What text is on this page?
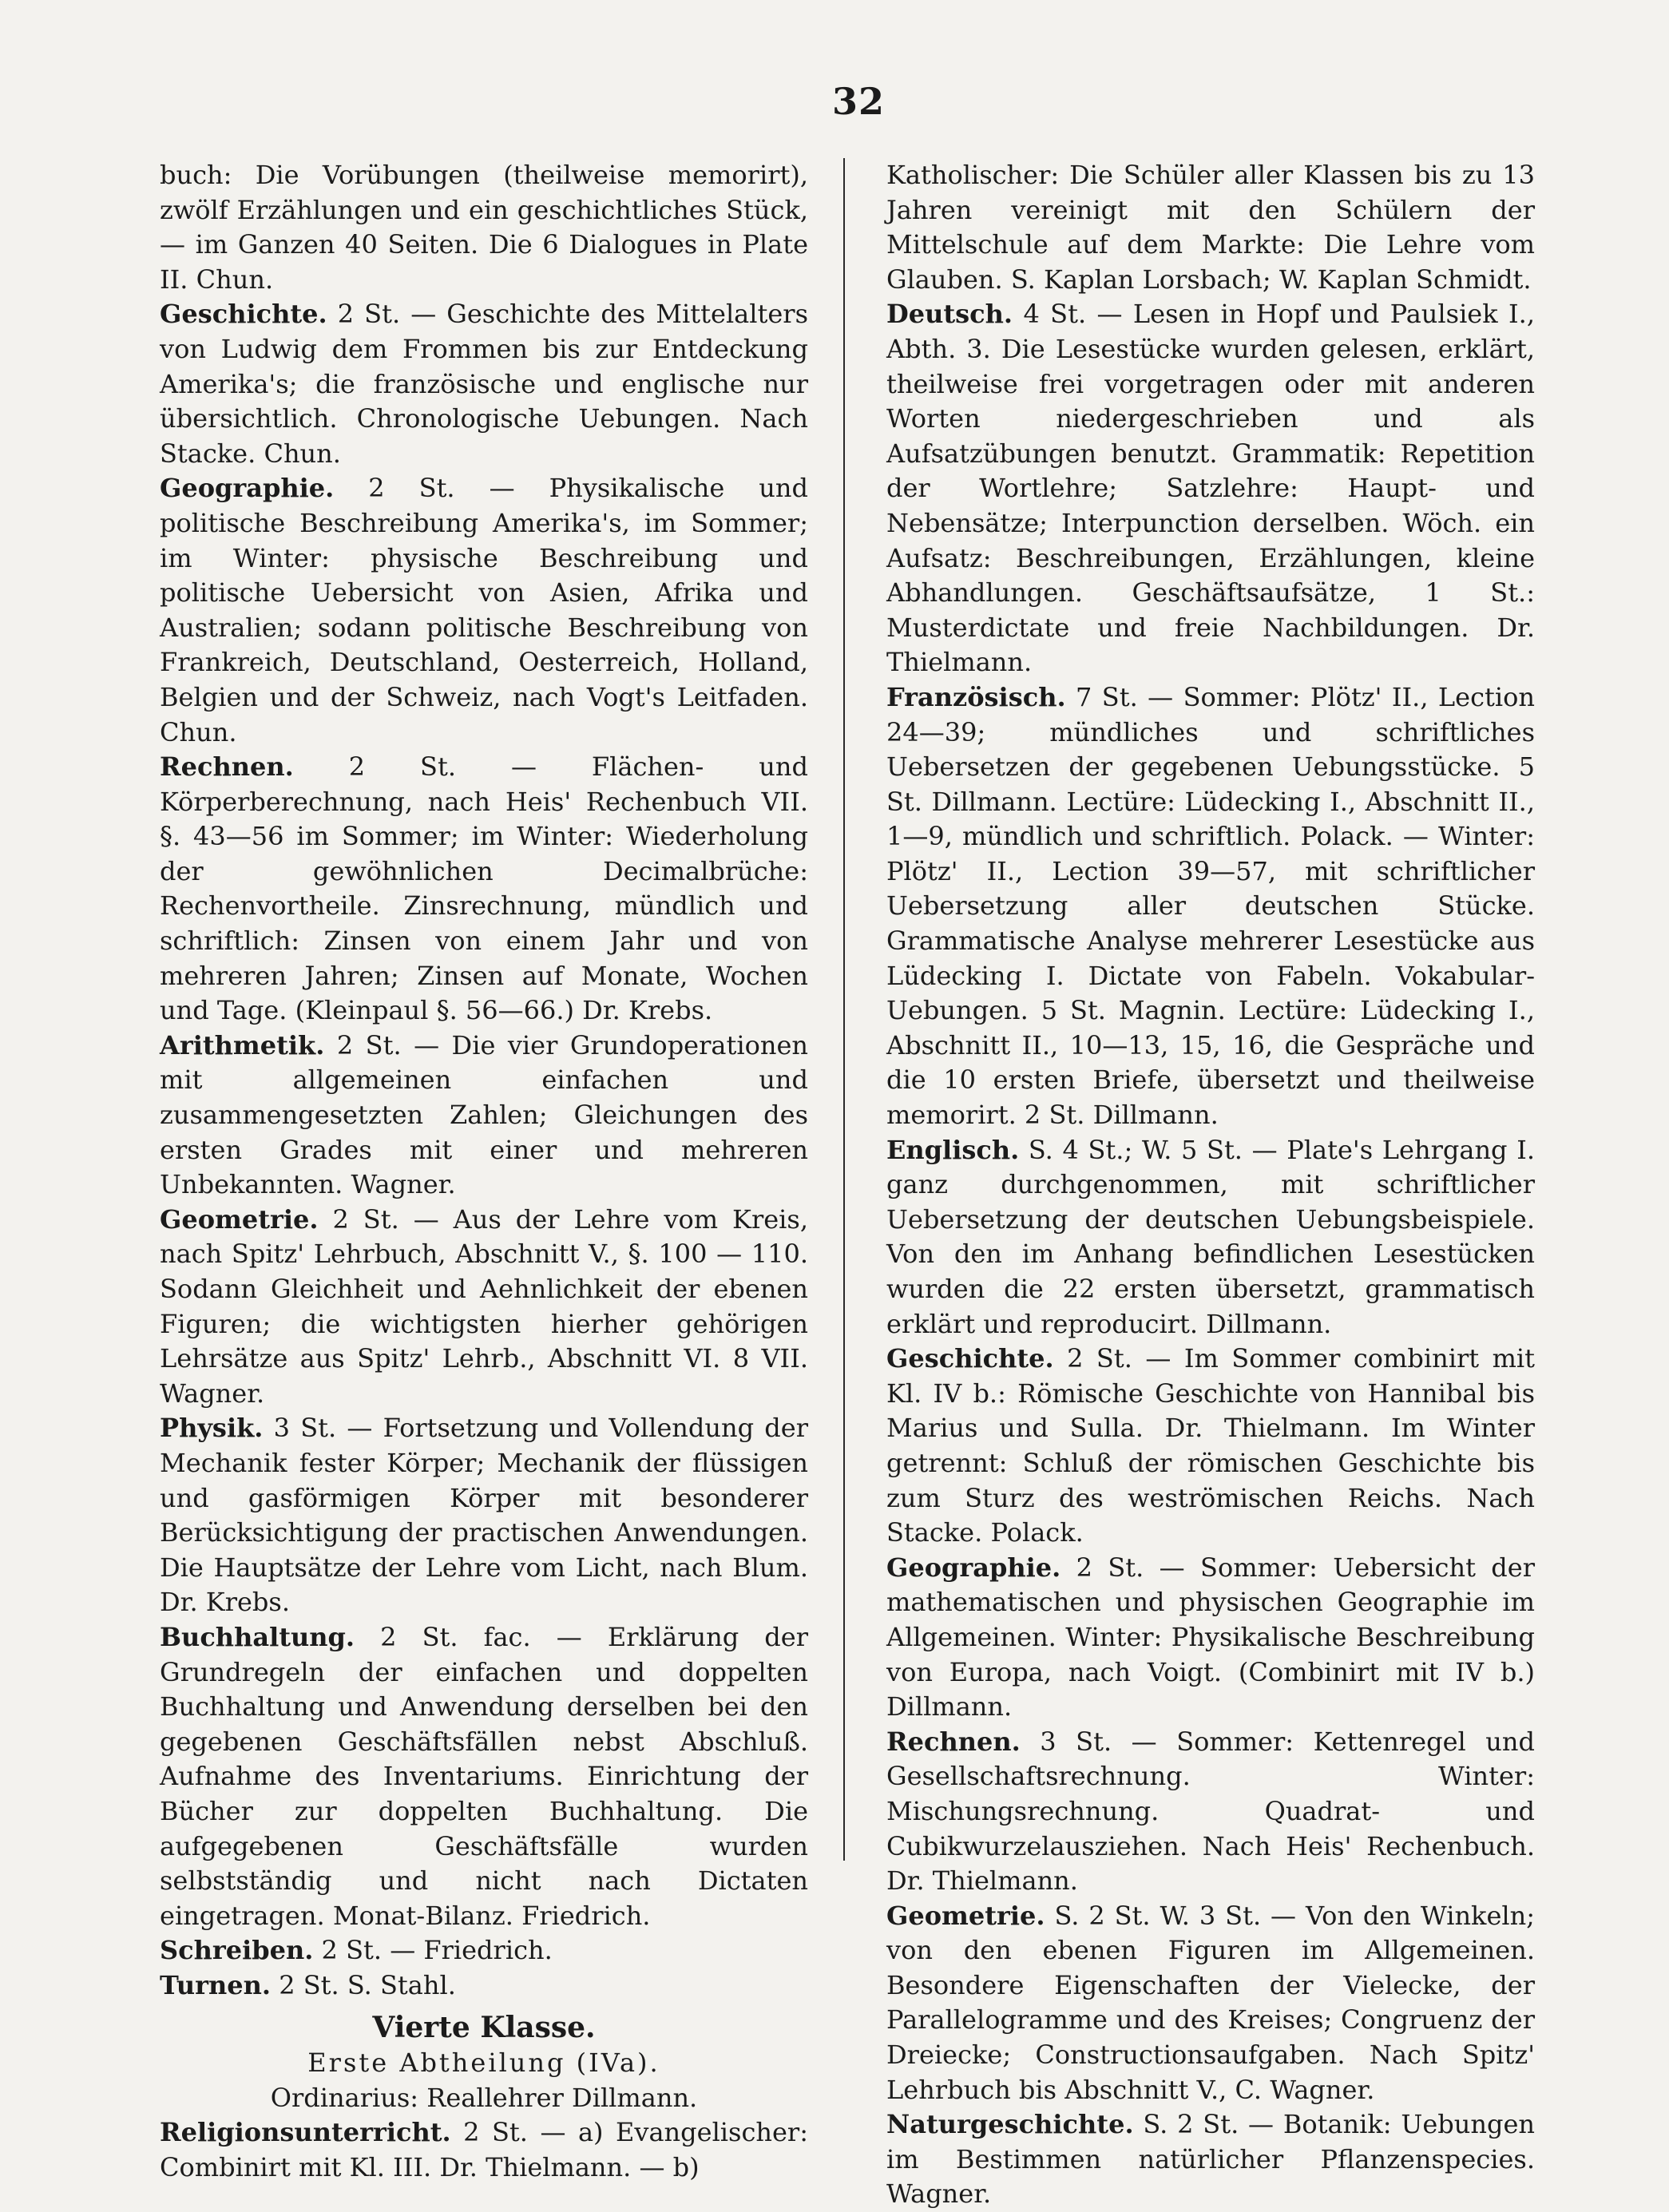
32

buch: Die Vorübungen (theilweise memorirt), zwölf Erzählungen und ein geschichtliches Stück, — im Ganzen 40 Seiten. Die 6 Dialogues in Plate II. Chun.

Geschichte. 2 St. — Geschichte des Mittelalters von Ludwig dem Frommen bis zur Entdeckung Amerika's; die französische und englische nur übersichtlich. Chronologische Uebungen. Nach Stacke. Chun.

Geographie. 2 St. — Physikalische und politische Beschreibung Amerika's, im Sommer; im Winter: physische Beschreibung und politische Uebersicht von Asien, Afrika und Australien; sodann politische Beschreibung von Frankreich, Deutschland, Oesterreich, Holland, Belgien und der Schweiz, nach Vogt's Leitfaden. Chun.

Rechnen. 2 St. — Flächen- und Körperberechnung, nach Heis' Rechenbuch VII. §. 43—56 im Sommer; im Winter: Wiederholung der gewöhnlichen Decimalbrüche: Rechenvortheile. Zinsrechnung, mündlich und schriftlich: Zinsen von einem Jahr und von mehreren Jahren; Zinsen auf Monate, Wochen und Tage. (Kleinpaul §. 56—66.) Dr. Krebs.

Arithmetik. 2 St. — Die vier Grundoperationen mit allgemeinen einfachen und zusammengesetzten Zahlen; Gleichungen des ersten Grades mit einer und mehreren Unbekannten. Wagner.

Geometrie. 2 St. — Aus der Lehre vom Kreis, nach Spitz' Lehrbuch, Abschnitt V., §. 100 — 110. Sodann Gleichheit und Aehnlichkeit der ebenen Figuren; die wichtigsten hierher gehörigen Lehrsätze aus Spitz' Lehrb., Abschnitt VI. 8 VII. Wagner.

Physik. 3 St. — Fortsetzung und Vollendung der Mechanik fester Körper; Mechanik der flüssigen und gasförmigen Körper mit besonderer Berücksichtigung der practischen Anwendungen. Die Hauptsätze der Lehre vom Licht, nach Blum. Dr. Krebs.

Buchhaltung. 2 St. fac. — Erklärung der Grundregeln der einfachen und doppelten Buchhaltung und Anwendung derselben bei den gegebenen Geschäftsfällen nebst Abschluß. Aufnahme des Inventariums. Einrichtung der Bücher zur doppelten Buchhaltung. Die aufgegebenen Geschäftsfälle wurden selbstständig und nicht nach Dictaten eingetragen. Monat-Bilanz. Friedrich.

Schreiben. 2 St. — Friedrich.

Turnen. 2 St. S. Stahl.

Vierte Klasse.

Erste Abtheilung (IVa).

Ordinarius: Reallehrer Dillmann.

Religionsunterricht. 2 St. — a) Evangelischer: Combinirt mit Kl. III. Dr. Thielmann. — b)

Katholischer: Die Schüler aller Klassen bis zu 13 Jahren vereinigt mit den Schülern der Mittelschule auf dem Markte: Die Lehre vom Glauben. S. Kaplan Lorsbach; W. Kaplan Schmidt.

Deutsch. 4 St. — Lesen in Hopf und Paulsiek I., Abth. 3. Die Lesestücke wurden gelesen, erklärt, theilweise frei vorgetragen oder mit anderen Worten niedergeschrieben und als Aufsatzübungen benutzt. Grammatik: Repetition der Wortlehre; Satzlehre: Haupt- und Nebensätze; Interpunction derselben. Wöch. ein Aufsatz: Beschreibungen, Erzählungen, kleine Abhandlungen. Geschäftsaufsätze, 1 St.: Musterdictate und freie Nachbildungen. Dr. Thielmann.

Französisch. 7 St. — Sommer: Plötz' II., Lection 24—39; mündliches und schriftliches Uebersetzen der gegebenen Uebungsstücke. 5 St. Dillmann. Lectüre: Lüdecking I., Abschnitt II., 1—9, mündlich und schriftlich. Polack. — Winter: Plötz' II., Lection 39—57, mit schriftlicher Uebersetzung aller deutschen Stücke. Grammatische Analyse mehrerer Lesestücke aus Lüdecking I. Dictate von Fabeln. Vokabular-Uebungen. 5 St. Magnin. Lectüre: Lüdecking I., Abschnitt II., 10—13, 15, 16, die Gespräche und die 10 ersten Briefe, übersetzt und theilweise memorirt. 2 St. Dillmann.

Englisch. S. 4 St.; W. 5 St. — Plate's Lehrgang I. ganz durchgenommen, mit schriftlicher Uebersetzung der deutschen Uebungsbeispiele. Von den im Anhang befindlichen Lesestücken wurden die 22 ersten übersetzt, grammatisch erklärt und reproducirt. Dillmann.

Geschichte. 2 St. — Im Sommer combinirt mit Kl. IV b.: Römische Geschichte von Hannibal bis Marius und Sulla. Dr. Thielmann. Im Winter getrennt: Schluß der römischen Geschichte bis zum Sturz des weströmischen Reichs. Nach Stacke. Polack.

Geographie. 2 St. — Sommer: Uebersicht der mathematischen und physischen Geographie im Allgemeinen. Winter: Physikalische Beschreibung von Europa, nach Voigt. (Combinirt mit IV b.) Dillmann.

Rechnen. 3 St. — Sommer: Kettenregel und Gesellschaftsrechnung. Winter: Mischungsrechnung. Quadrat- und Cubikwurzelausziehen. Nach Heis' Rechenbuch. Dr. Thielmann.

Geometrie. S. 2 St. W. 3 St. — Von den Winkeln; von den ebenen Figuren im Allgemeinen. Besondere Eigenschaften der Vielecke, der Parallelogramme und des Kreises; Congruenz der Dreiecke; Constructionsaufgaben. Nach Spitz' Lehrbuch bis Abschnitt V., C. Wagner.

Naturgeschichte. S. 2 St. — Botanik: Uebungen im Bestimmen natürlicher Pflanzenspecies. Wagner.
